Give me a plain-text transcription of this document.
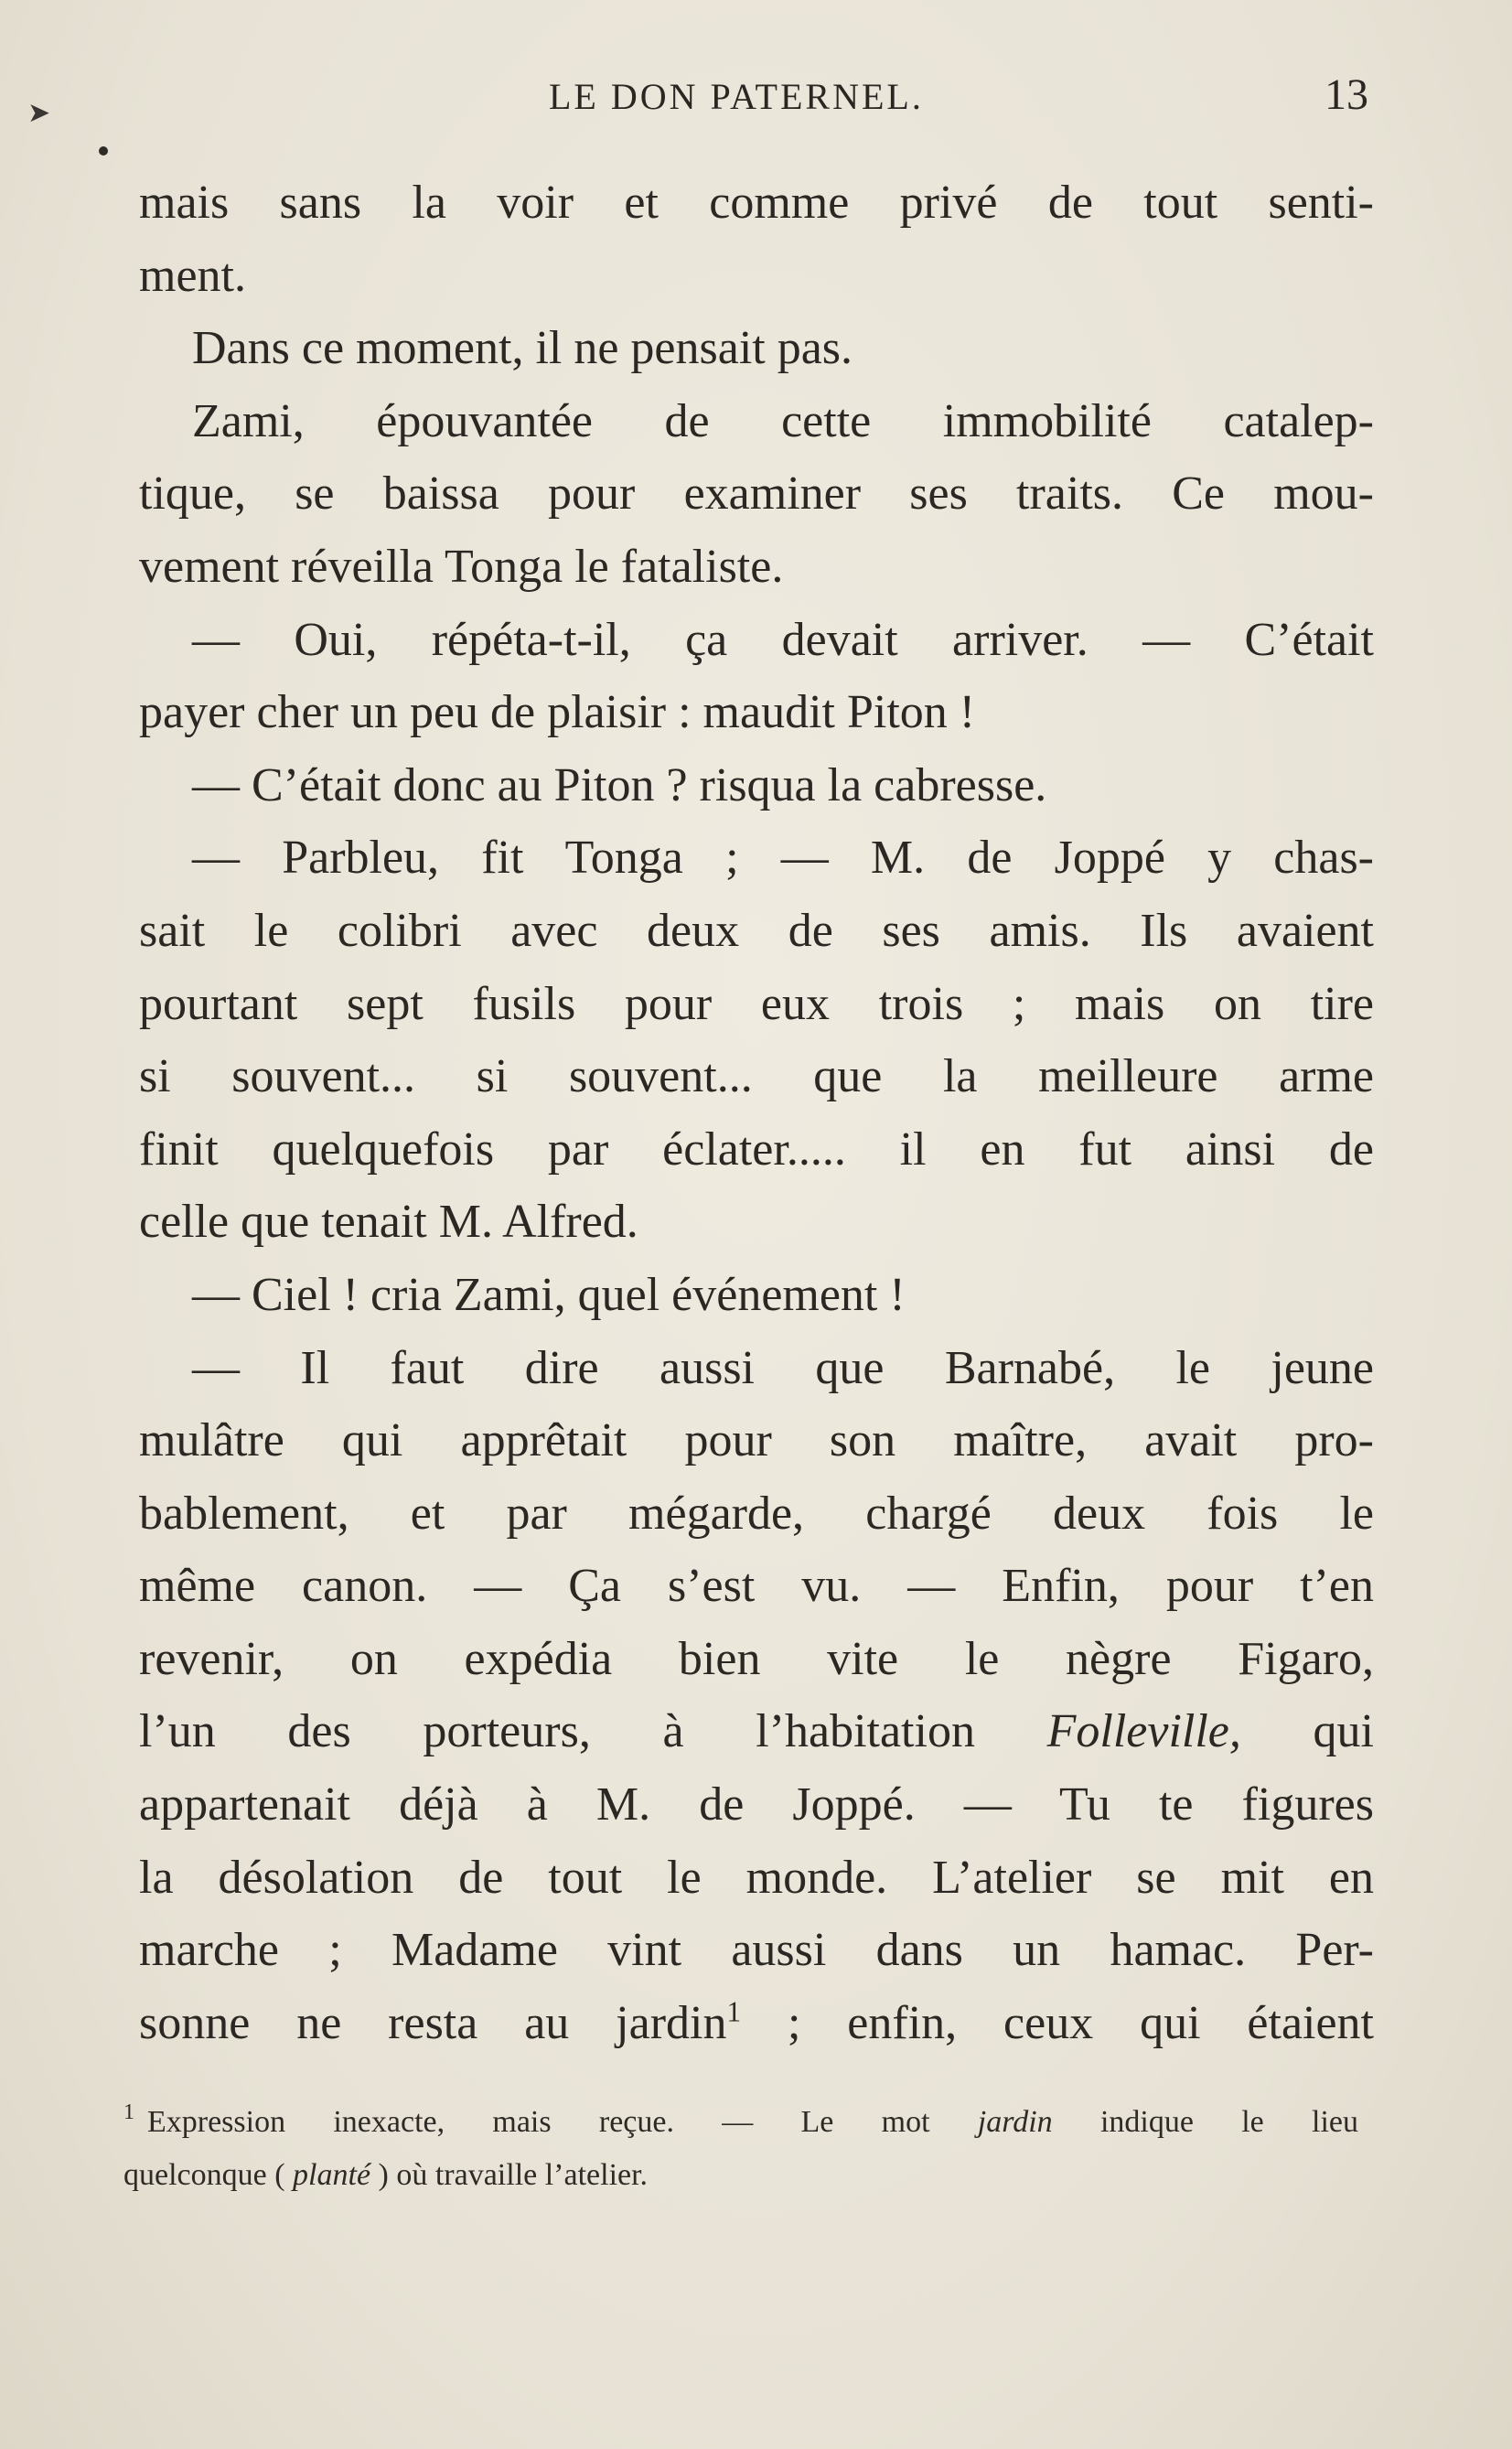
LE DON PATERNEL.	13
➤
mais sans la voir et comme privé de tout senti-
ment.
Dans ce moment, il ne pensait pas.
Zami, épouvantée de cette immobilité catalep-
tique, se baissa pour examiner ses traits. Ce mou-
vement réveilla Tonga le fataliste.
— Oui, répéta-t-il, ça devait arriver. — C’était
payer cher un peu de plaisir : maudit Piton !
— C’était donc au Piton ? risqua la cabresse.
— Parbleu, fit Tonga ; — M. de Joppé y chas-
sait le colibri avec deux de ses amis. Ils avaient
pourtant sept fusils pour eux trois ; mais on tire
si souvent... si souvent... que la meilleure arme
finit quelquefois par éclater..... il en fut ainsi de
celle que tenait M. Alfred.
— Ciel ! cria Zami, quel événement !
— Il faut dire aussi que Barnabé, le jeune
mulâtre qui apprêtait pour son maître, avait pro-
bablement, et par mégarde, chargé deux fois le
même canon. — Ça s’est vu. — Enfin, pour t’en
revenir, on expédia bien vite le nègre Figaro,
l’un des porteurs, à l’habitation Folleville, qui
appartenait déjà à M. de Joppé. — Tu te figures
la désolation de tout le monde. L’atelier se mit en
marche ; Madame vint aussi dans un hamac. Per-
sonne ne resta au jardin$^1$ ; enfin, ceux qui étaient
$^1$ Expression inexacte, mais reçue. — Le mot jardin indique le lieu
quelconque ( planté ) où travaille l’atelier.
